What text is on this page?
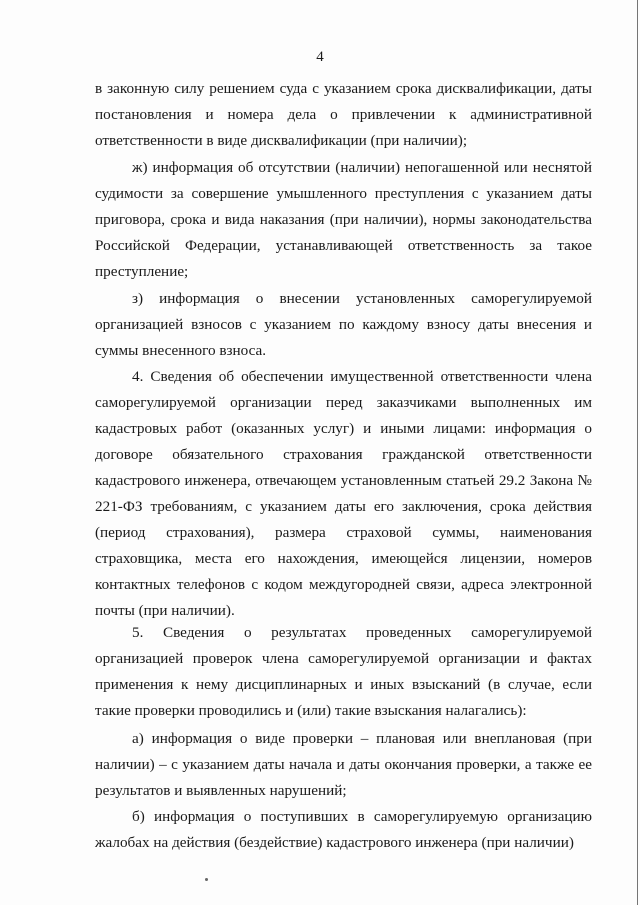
4

в законную силу решением суда с указанием срока дисквалификации, даты постановления и номера дела о привлечении к административной ответственности в виде дисквалификации (при наличии);

ж) информация об отсутствии (наличии) непогашенной или неснятой судимости за совершение умышленного преступления с указанием даты приговора, срока и вида наказания (при наличии), нормы законодательства Российской Федерации, устанавливающей ответственность за такое преступление;

з) информация о внесении установленных саморегулируемой организацией взносов с указанием по каждому взносу даты внесения и суммы внесенного взноса.

4. Сведения об обеспечении имущественной ответственности члена саморегулируемой организации перед заказчиками выполненных им кадастровых работ (оказанных услуг) и иными лицами: информация о договоре обязательного страхования гражданской ответственности кадастрового инженера, отвечающем установленным статьей 29.2 Закона № 221-ФЗ требованиям, с указанием даты его заключения, срока действия (период страхования), размера страховой суммы, наименования страховщика, места его нахождения, имеющейся лицензии, номеров контактных телефонов с кодом междугородней связи, адреса электронной почты (при наличии).

5. Сведения о результатах проведенных саморегулируемой организацией проверок члена саморегулируемой организации и фактах применения к нему дисциплинарных и иных взысканий (в случае, если такие проверки проводились и (или) такие взыскания налагались):

а) информация о виде проверки – плановая или внеплановая (при наличии) – с указанием даты начала и даты окончания проверки, а также ее результатов и выявленных нарушений;

б) информация о поступивших в саморегулируемую организацию жалобах на действия (бездействие) кадастрового инженера (при наличии)
